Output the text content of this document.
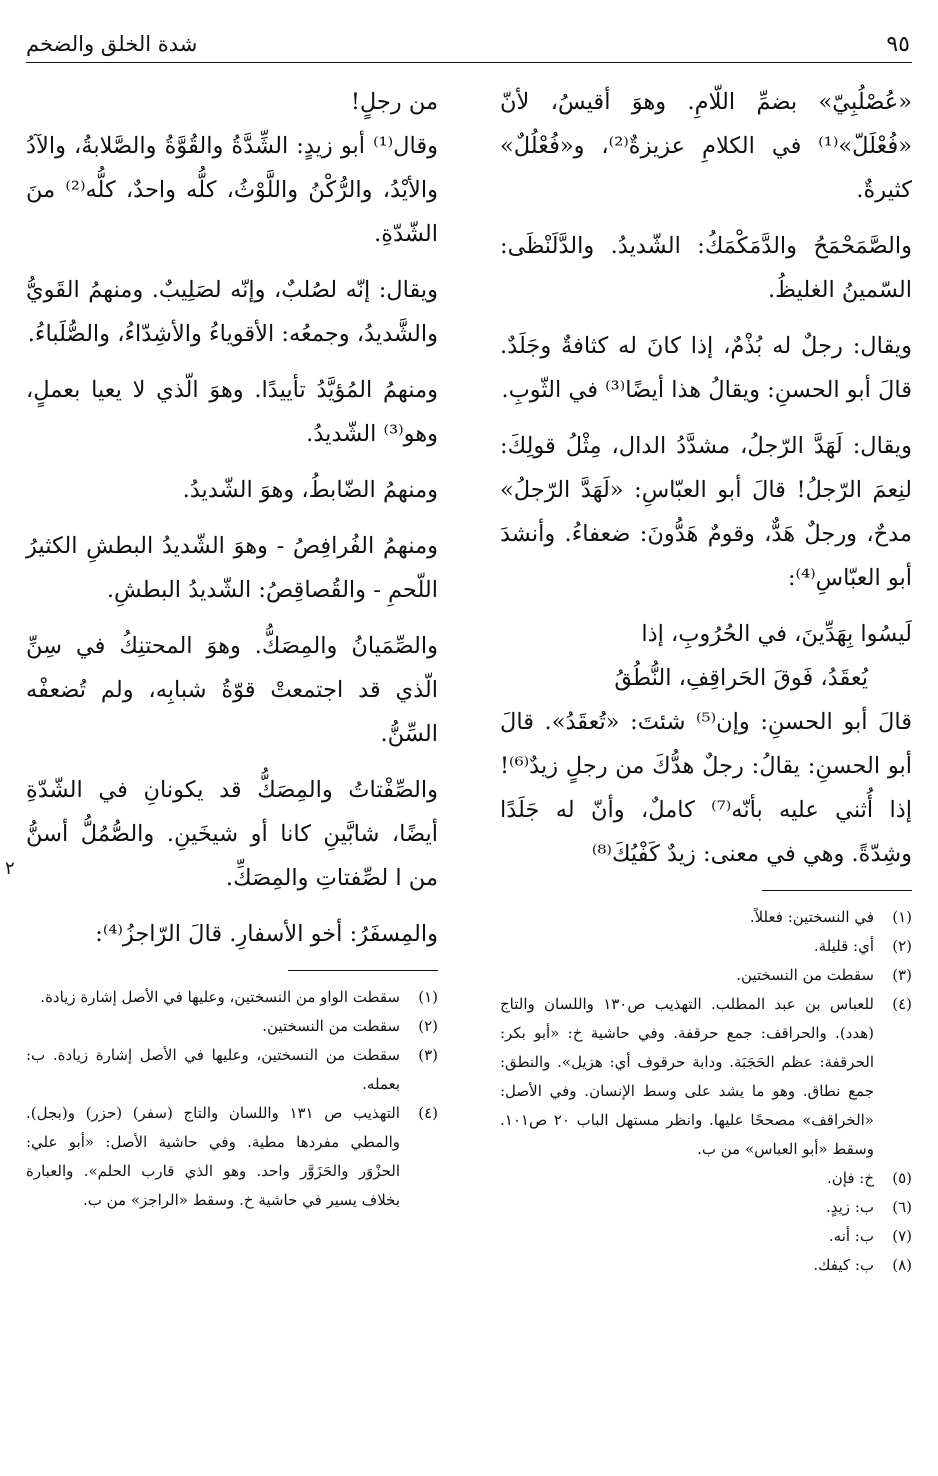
٩٥
شدة الخلق والضخم

«عُصْلُبِيّ» بضمِّ اللّامِ. وهوَ أقيسُ، لأنّ «فُعْلَلّ»⁽¹⁾ في الكلامِ عزيزةٌ⁽²⁾، و«فُعْلُلٌ» كثيرةٌ.

والصَّمَحْمَحُ والدَّمَكْمَكُ: الشّديدُ. والدَّلَنْظَى: السّمينُ الغليظُ.

ويقال: رجلٌ له بُذْمٌ، إذا كانَ له كثافةٌ وجَلَدٌ. قالَ أبو الحسنِ: ويقالُ هذا أيضًا⁽³⁾ في الثّوبِ.

ويقال: لَهَدَّ الرّجلُ، مشدَّدُ الدال، مِثْلُ قولِكَ: لنِعمَ الرّجلُ! قالَ أبو العبّاسِ: «لَهَدَّ الرّجلُ» مدحٌ، ورجلٌ هَدٌّ، وقومٌ هَدُّونَ: ضعفاءُ. وأنشدَ أبو العبّاسِ⁽⁴⁾:

لَيسُوا بِهَدِّينَ، في الحُرُوبِ، إذا
يُعقَدُ، فَوقَ الحَراقِفِ، النُّطُقُ

قالَ أبو الحسنِ: وإن⁽⁵⁾ شئتَ: «تُعقَدُ». قالَ أبو الحسنِ: يقالُ: رجلٌ هدُّكَ من رجلٍ زيدٌ⁽⁶⁾! إذا أُثني عليه بأنّه⁽⁷⁾ كاملٌ، وأنّ له جَلَدًا وشِدّةً. وهي في معنى: زيدٌ كَفْيُكَ⁽⁸⁾

(١)
في النسختين: فعللاً.
(٢)
أي: قليلة.
(٣)
سقطت من النسختين.
(٤)
للعباس بن عبد المطلب. التهذيب ص١٣٠ واللسان والتاج (هدد). والحراقف: جمع حرقفة. وفي حاشية خ: «أبو بكر: الحرقفة: عظم الحَجَبَة. ودابة حرقوف أي: هزيل». والنطق: جمع نطاق. وهو ما يشد على وسط الإنسان. وفي الأصل: «الخراقف» مصححًا عليها. وانظر مستهل الباب ٢٠ ص١٠١. وسقط «أبو العباس» من ب.
(٥)
خ: فإن.
(٦)
ب: زيدٍ.
(٧)
ب: أنه.
(٨)
ب: كيفك.

من رجلٍ!
وقال⁽¹⁾ أبو زيدٍ: الشِّدَّةُ والقُوَّةُ والصَّلابةُ، والآدُ والأيْدُ، والرُّكْنُ واللَّوْثُ، كلُّه واحدٌ، كلُّه⁽²⁾ منَ الشّدّةِ.

ويقال: إنّه لصُلبٌ، وإنّه لصَلِيبٌ. ومنهمُ القَويُّ والشَّديدُ، وجمعُه: الأقوياءُ والأشِدّاءُ، والصُّلَباءُ.

ومنهمُ المُؤيَّدُ تأييدًا. وهوَ الّذي لا يعيا بعملٍ، وهو⁽³⁾ الشّديدُ.

ومنهمُ الضّابطُ، وهوَ الشّديدُ.

ومنهمُ الفُرافِصُ - وهوَ الشّديدُ البطشِ الكثيرُ اللّحمِ - والقُصاقِصُ: الشّديدُ البطشِ.

والصِّمَيانُ والمِصَكُّ. وهوَ المحتنِكُ في سِنِّ الّذي قد اجتمعتْ قوّةُ شبابِه، ولم تُضعفْه السِّنُّ.

والصِّفْتاتُ والمِصَكُّ قد يكونانِ في الشّدّةِ أيضًا، شابَّينِ كانا أو شيخَينِ. والصُّمُلُّ أسنُّ من ا لصِّفتاتِ والمِصَكِّ.

والمِسفَرُ: أخو الأسفارِ. قالَ الرّاجزُ⁽⁴⁾:

(١)
سقطت الواو من النسختين، وعليها في الأصل إشارة زيادة.
(٢)
سقطت من النسختين.
(٣)
سقطت من النسختين، وعليها في الأصل إشارة زيادة. ب: بعمله.
(٤)
التهذيب ص ١٣١ واللسان والتاج (سفر) (حزر) و(بجل). والمطي مفردها مطية. وفي حاشية الأصل: «أبو علي: الحزْوَر والحَزَوَّر واحد. وهو الذي قارب الحلم». والعبارة بخلاف يسير في حاشية خ. وسقط «الراجز» من ب.
٢
